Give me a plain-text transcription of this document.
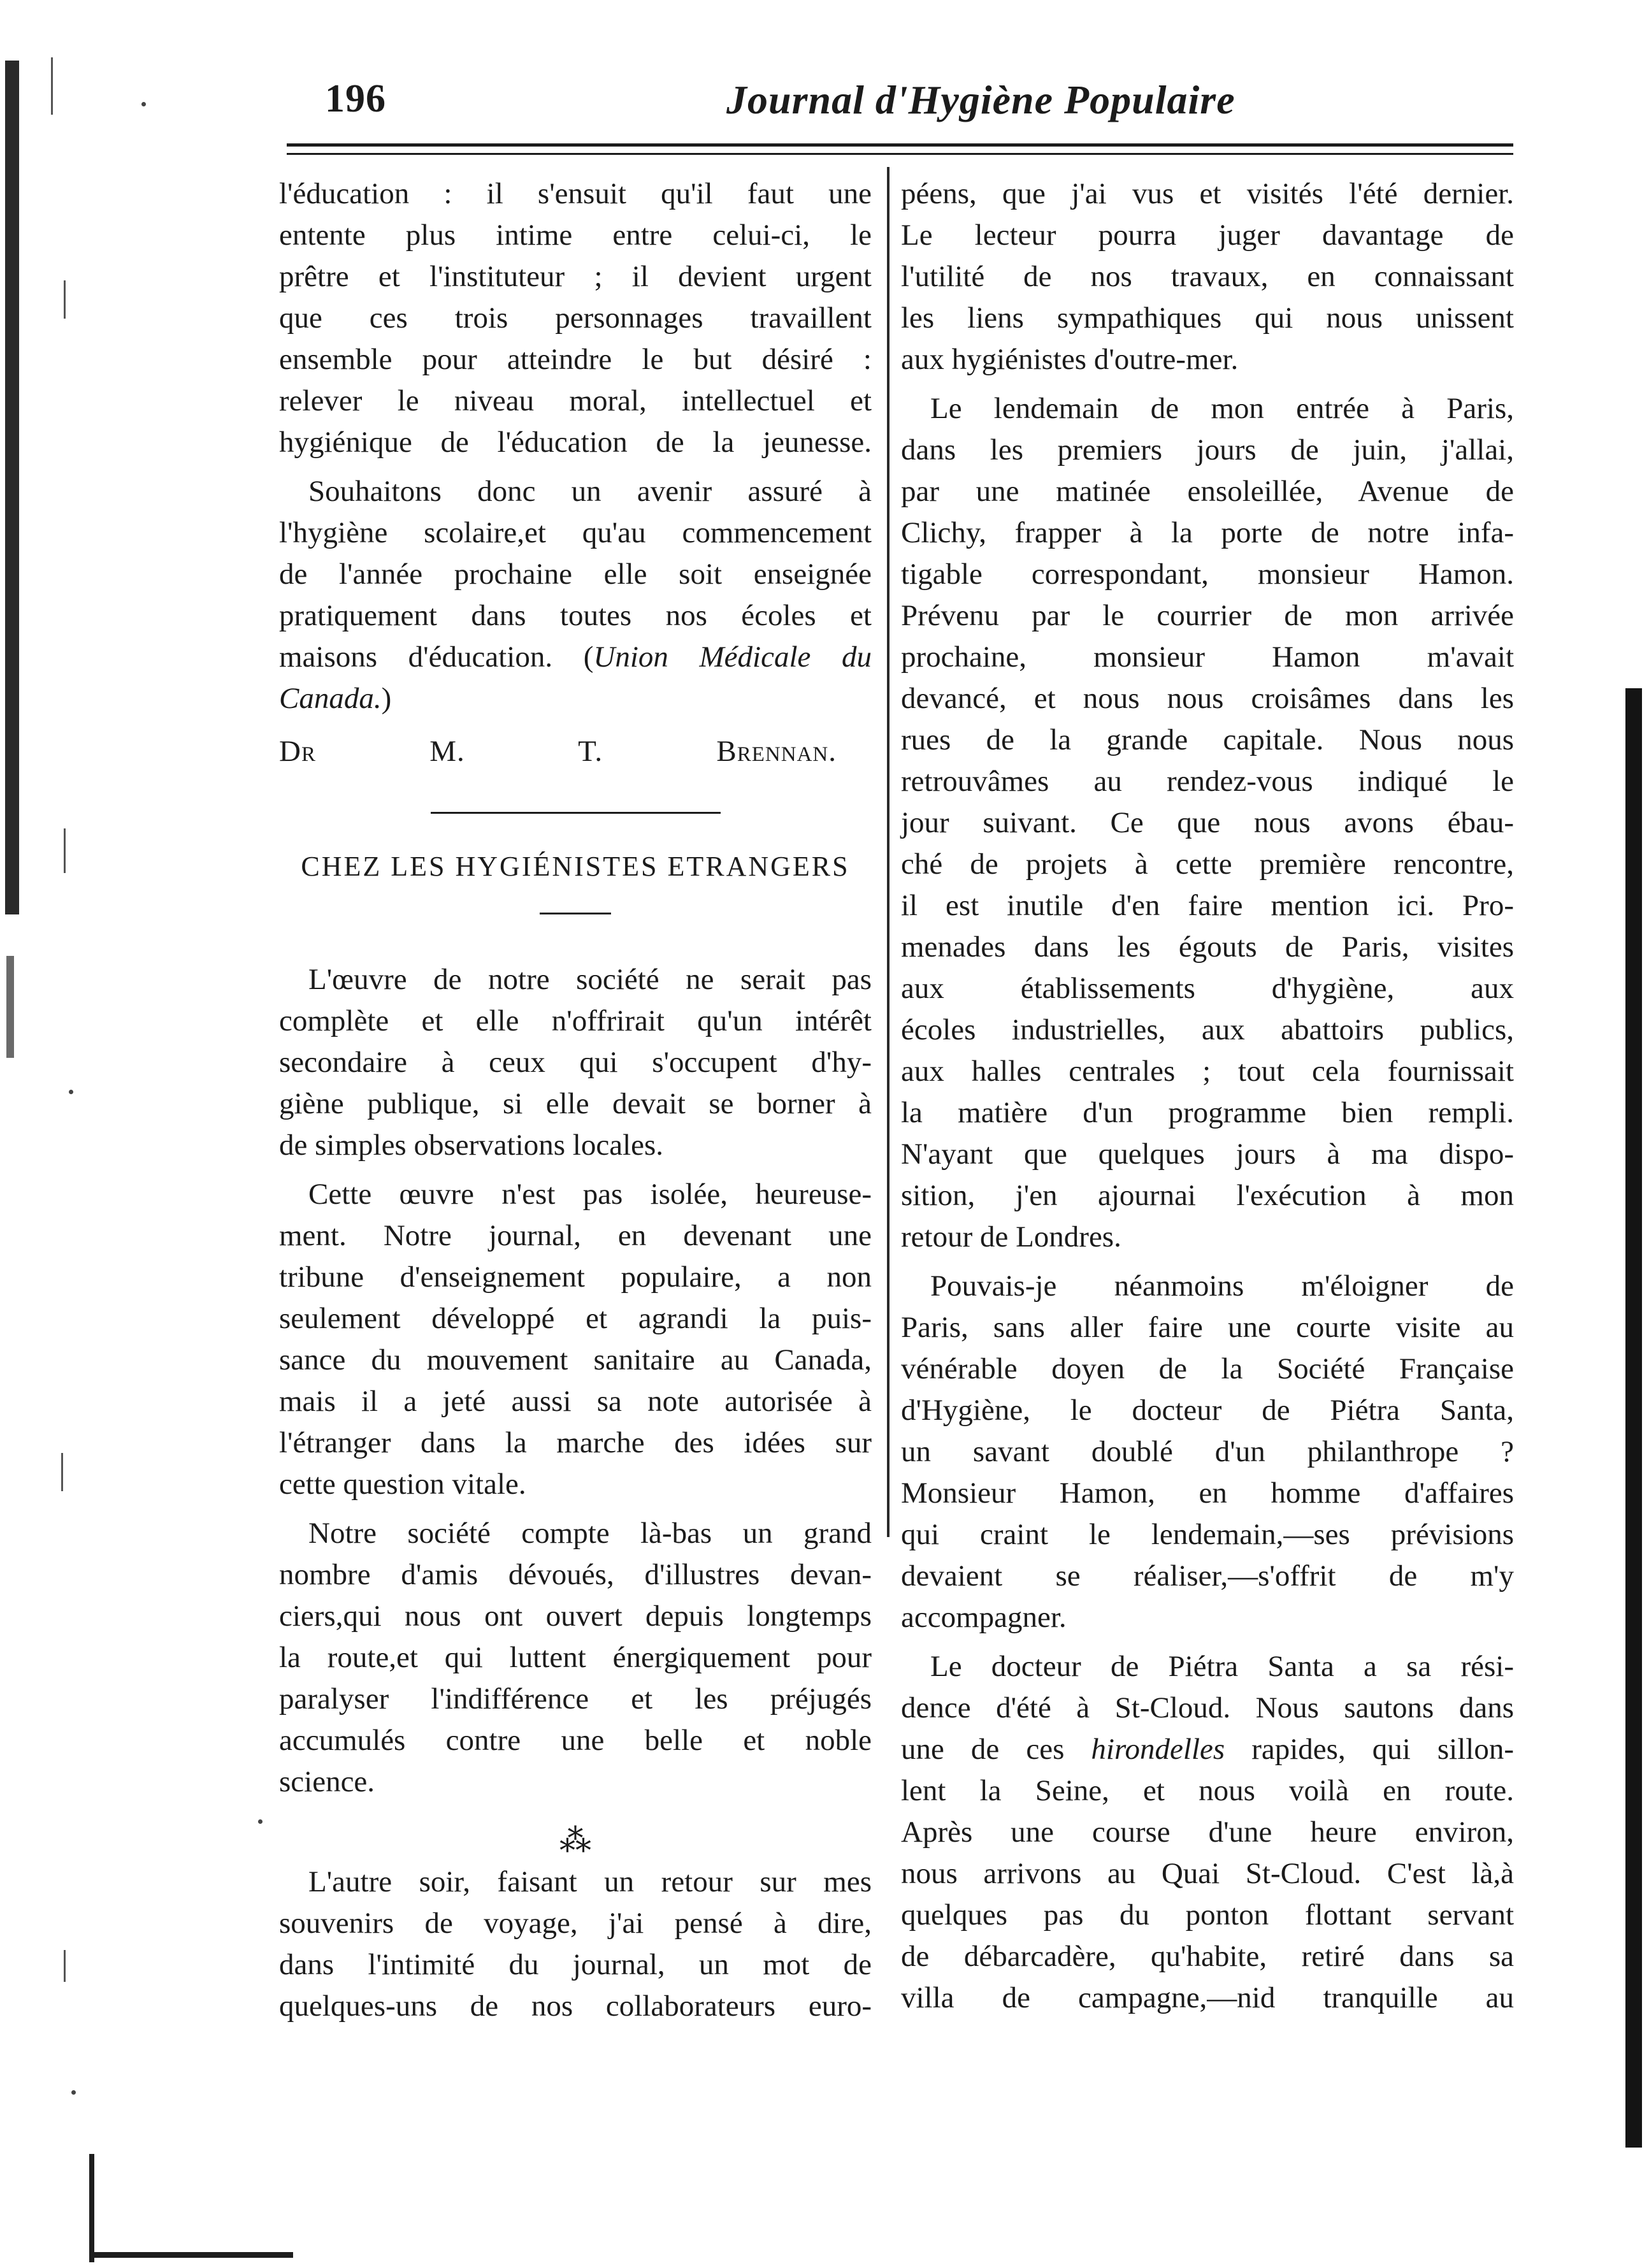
196	Journal d'Hygiène Populaire
l'éducation : il s'ensuit qu'il faut une
entente plus intime entre celui-ci, le
prêtre et l'instituteur ; il devient urgent
que ces trois personnages travaillent
ensemble pour atteindre le but désiré :
relever le niveau moral, intellectuel et
hygiénique de l'éducation de la jeunesse.
Souhaitons donc un avenir assuré à
l'hygiène scolaire,et qu'au commencement
de l'année prochaine elle soit enseignée
pratiquement dans toutes nos écoles et
maisons d'éducation. (Union Médicale du
Canada.)
Dr M. T. Brennan.
CHEZ LES HYGIÉNISTES ETRANGERS
L'œuvre de notre société ne serait pas
complète et elle n'offrirait qu'un intérêt
secondaire à ceux qui s'occupent d'hy-
giène publique, si elle devait se borner à
de simples observations locales.
Cette œuvre n'est pas isolée, heureuse-
ment. Notre journal, en devenant une
tribune d'enseignement populaire, a non
seulement développé et agrandi la puis-
sance du mouvement sanitaire au Canada,
mais il a jeté aussi sa note autorisée à
l'étranger dans la marche des idées sur
cette question vitale.
Notre société compte là-bas un grand
nombre d'amis dévoués, d'illustres devan-
ciers,qui nous ont ouvert depuis longtemps
la route,et qui luttent énergiquement pour
paralyser l'indifférence et les préjugés
accumulés contre une belle et noble
science.
⁂
L'autre soir, faisant un retour sur mes
souvenirs de voyage, j'ai pensé à dire,
dans l'intimité du journal, un mot de
quelques-uns de nos collaborateurs euro-
péens, que j'ai vus et visités l'été dernier.
Le lecteur pourra juger davantage de
l'utilité de nos travaux, en connaissant
les liens sympathiques qui nous unissent
aux hygiénistes d'outre-mer.
Le lendemain de mon entrée à Paris,
dans les premiers jours de juin, j'allai,
par une matinée ensoleillée, Avenue de
Clichy, frapper à la porte de notre infa-
tigable correspondant, monsieur Hamon.
Prévenu par le courrier de mon arrivée
prochaine, monsieur Hamon m'avait
devancé, et nous nous croisâmes dans les
rues de la grande capitale. Nous nous
retrouvâmes au rendez-vous indiqué le
jour suivant. Ce que nous avons ébau-
ché de projets à cette première rencontre,
il est inutile d'en faire mention ici. Pro-
menades dans les égouts de Paris, visites
aux établissements d'hygiène, aux
écoles industrielles, aux abattoirs publics,
aux halles centrales ; tout cela fournissait
la matière d'un programme bien rempli.
N'ayant que quelques jours à ma dispo-
sition, j'en ajournai l'exécution à mon
retour de Londres.
Pouvais-je néanmoins m'éloigner de
Paris, sans aller faire une courte visite au
vénérable doyen de la Société Française
d'Hygiène, le docteur de Piétra Santa,
un savant doublé d'un philanthrope ?
Monsieur Hamon, en homme d'affaires
qui craint le lendemain,—ses prévisions
devaient se réaliser,—s'offrit de m'y
accompagner.
Le docteur de Piétra Santa a sa rési-
dence d'été à St-Cloud. Nous sautons dans
une de ces hirondelles rapides, qui sillon-
lent la Seine, et nous voilà en route.
Après une course d'une heure environ,
nous arrivons au Quai St-Cloud. C'est là,à
quelques pas du ponton flottant servant
de débarcadère, qu'habite, retiré dans sa
villa de campagne,—nid tranquille au
